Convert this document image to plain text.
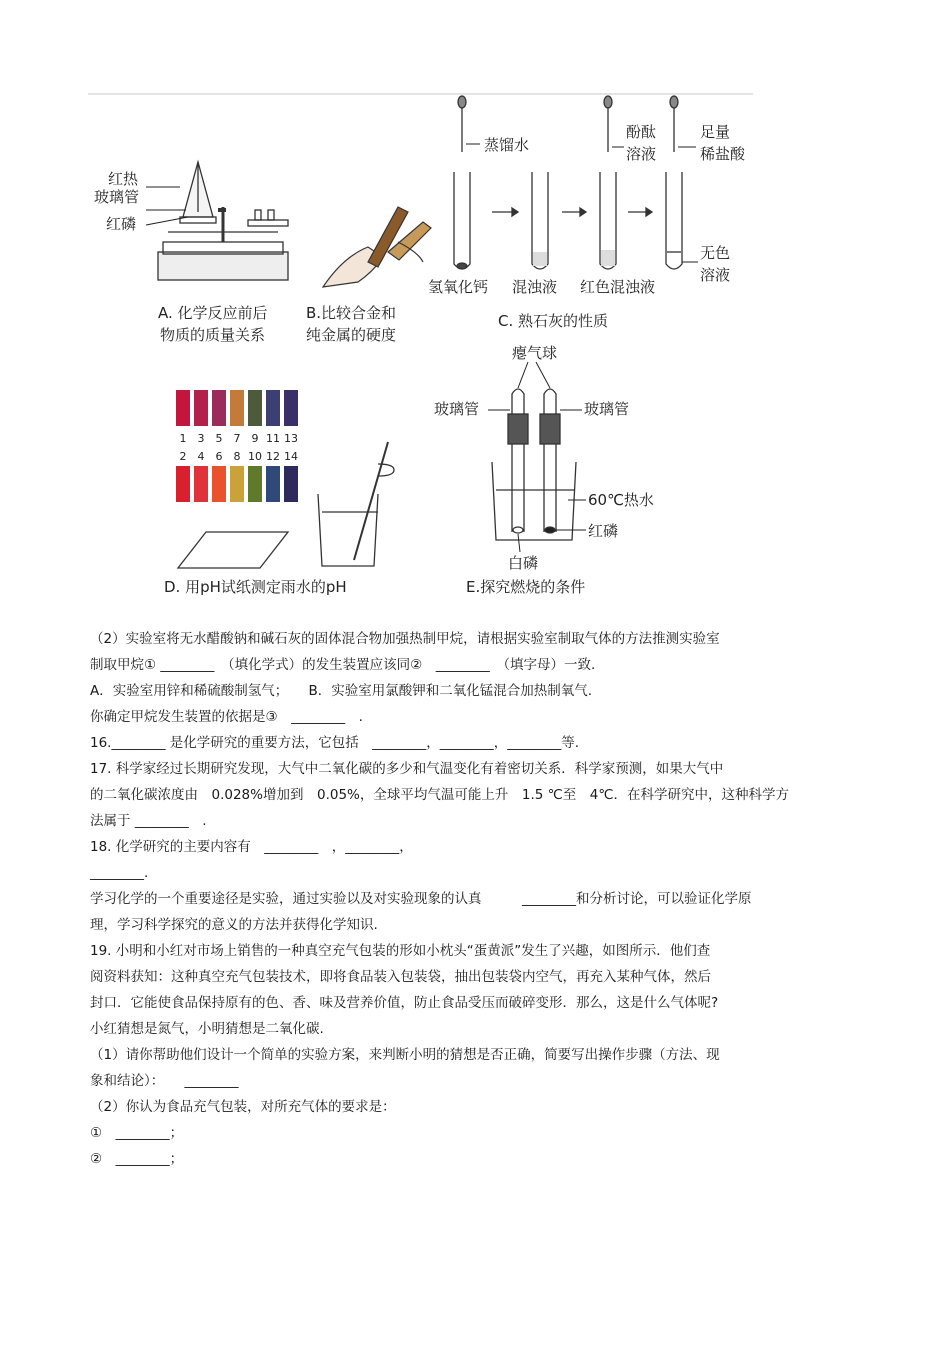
红热
玻璃管
红磷
A. 化学反应前后
物质的质量关系
B.比较合金和
纯金属的硬度
蒸馏水
酚酞
溶液
足量
稀盐酸
氢氧化钙 混浊液 红色混浊液
无色
溶液
C. 熟石灰的性质
1 3 5 7 9 11 13
2 4 6 8 10 12 14
D. 用pH试纸测定雨水的pH
瘪气球
玻璃管	玻璃管
60℃热水
红磷
白磷
E.探究燃烧的条件
（2）实验室将无水醋酸钠和碱石灰的固体混合物加强热制甲烷，请根据实验室制取气体的方法推测实验室
制取甲烷① ________　（填化学式）的发生装置应该同②　________　（填字母）一致.
A．实验室用锌和稀硫酸制氢气；　　B．实验室用氯酸钾和二氧化锰混合加热制氧气.
你确定甲烷发生装置的依据是③　________　.
16.________ 是化学研究的重要方法，它包括　________，________，________等.
17. 科学家经过长期研究发现，大气中二氧化碳的多少和气温变化有着密切关系．科学家预测，如果大气中
的二氧化碳浓度由　0.028%增加到　0.05%，全球平均气温可能上升　1.5 ℃至　4℃．在科学研究中，这种科学方
法属于 ________　.
18. 化学研究的主要内容有　________　，________，
________.
学习化学的一个重要途径是实验，通过实验以及对实验现象的认真　　　________和分析讨论，可以验证化学原
理，学习科学探究的意义的方法并获得化学知识.
19. 小明和小红对市场上销售的一种真空充气包装的形如小枕头“蛋黄派”发生了兴趣，如图所示．他们查
阅资料获知：这种真空充气包装技术，即将食品装入包装袋，抽出包装袋内空气，再充入某种气体，然后
封口．它能使食品保持原有的色、香、味及营养价值，防止食品受压而破碎变形．那么，这是什么气体呢?
小红猜想是氮气，小明猜想是二氧化碳.
（1）请你帮助他们设计一个简单的实验方案，来判断小明的猜想是否正确，简要写出操作步骤（方法、现
象和结论）：　　________
（2）你认为食品充气包装，对所充气体的要求是：
①　________；
②　________；
